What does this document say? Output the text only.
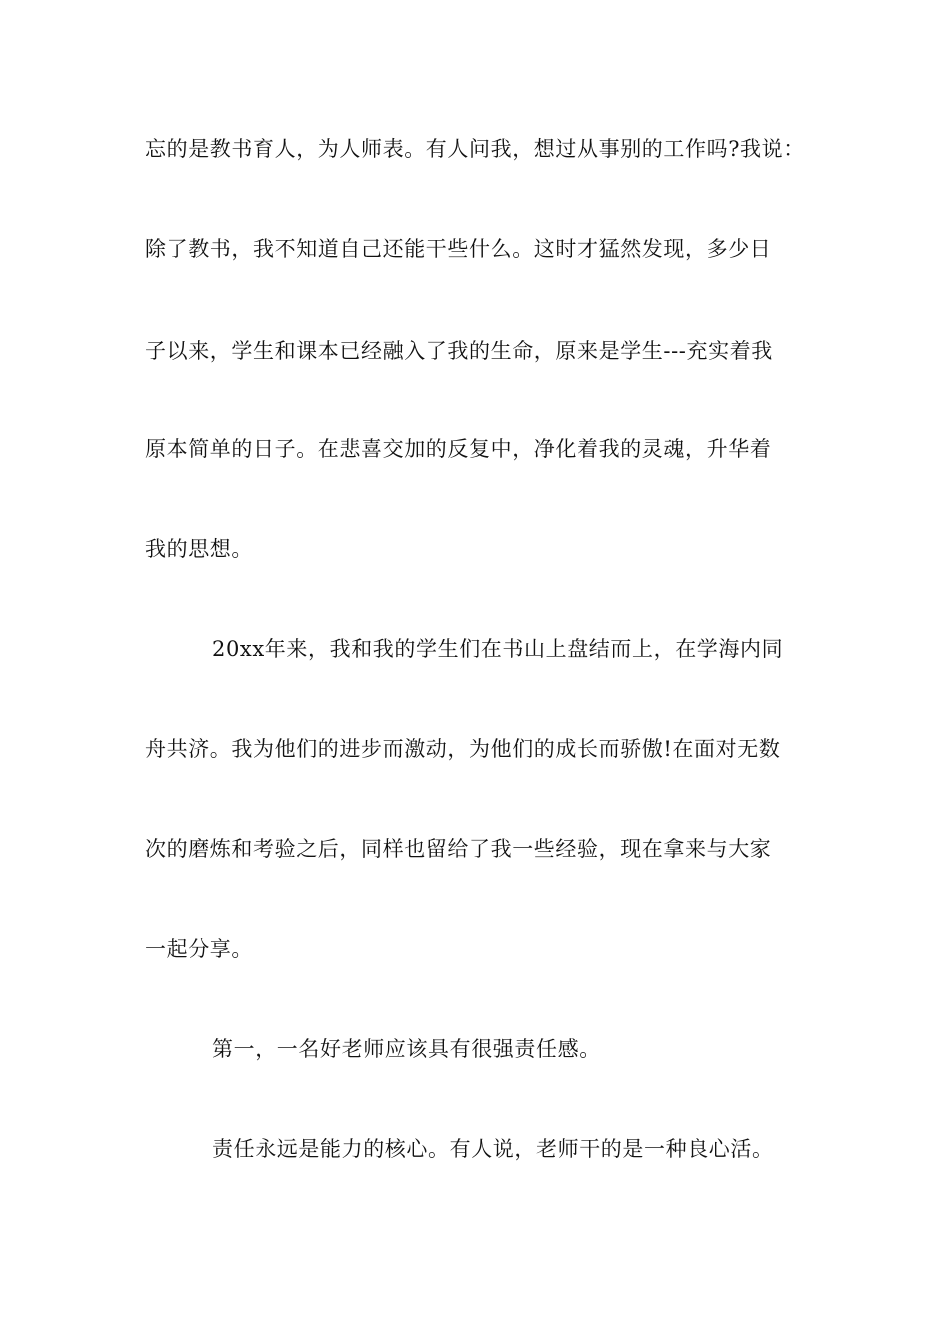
忘的是教书育人，为人师表。有人问我，想过从事别的工作吗?我说：
除了教书，我不知道自己还能干些什么。这时才猛然发现，多少日
子以来，学生和课本已经融入了我的生命，原来是学生---充实着我
原本简单的日子。在悲喜交加的反复中，净化着我的灵魂，升华着
我的思想。
20xx年来，我和我的学生们在书山上盘结而上，在学海内同
舟共济。我为他们的进步而激动，为他们的成长而骄傲!在面对无数
次的磨炼和考验之后，同样也留给了我一些经验，现在拿来与大家
一起分享。
第一，一名好老师应该具有很强责任感。
责任永远是能力的核心。有人说，老师干的是一种良心活。
